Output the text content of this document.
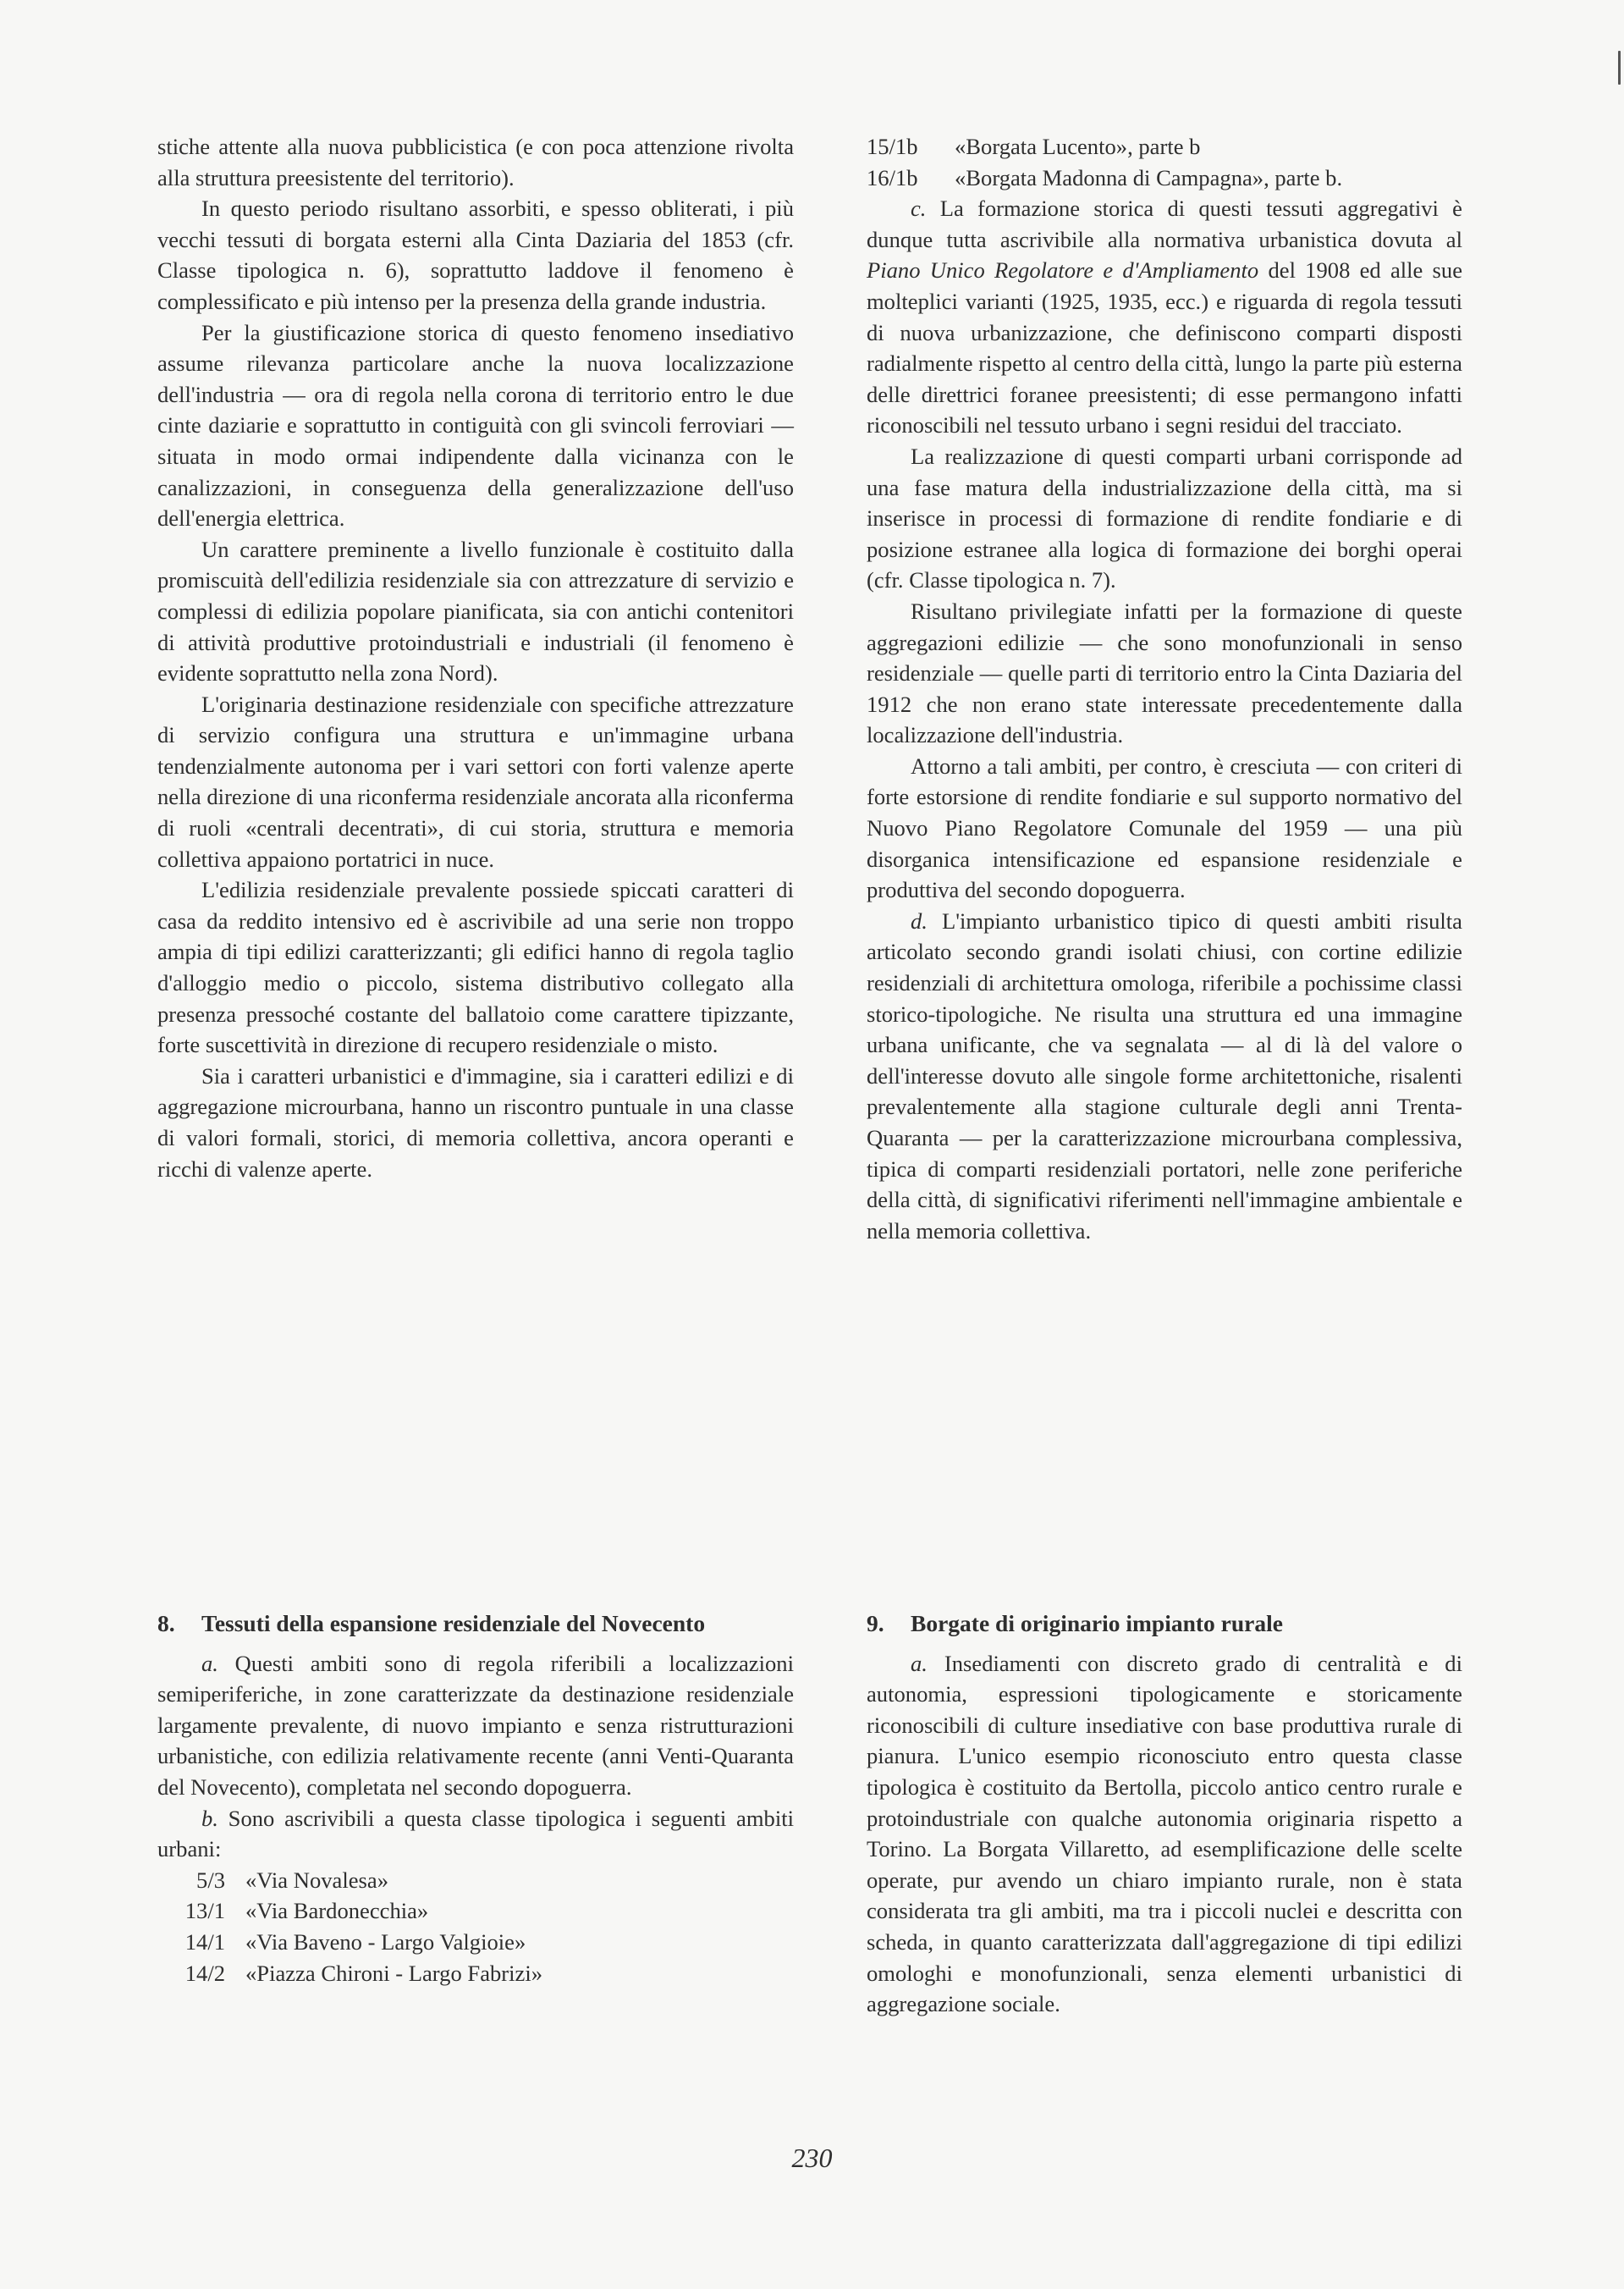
stiche attente alla nuova pubblicistica (e con poca attenzione rivolta alla struttura preesistente del territorio).

In questo periodo risultano assorbiti, e spesso obliterati, i più vecchi tessuti di borgata esterni alla Cinta Daziaria del 1853 (cfr. Classe tipologica n. 6), soprattutto laddove il fenomeno è complessificato e più intenso per la presenza della grande industria.

Per la giustificazione storica di questo fenomeno insediativo assume rilevanza particolare anche la nuova localizzazione dell'industria — ora di regola nella corona di territorio entro le due cinte daziarie e soprattutto in contiguità con gli svincoli ferroviari — situata in modo ormai indipendente dalla vicinanza con le canalizzazioni, in conseguenza della generalizzazione dell'uso dell'energia elettrica.

Un carattere preminente a livello funzionale è costituito dalla promiscuità dell'edilizia residenziale sia con attrezzature di servizio e complessi di edilizia popolare pianificata, sia con antichi contenitori di attività produttive protoindustriali e industriali (il fenomeno è evidente soprattutto nella zona Nord).

L'originaria destinazione residenziale con specifiche attrezzature di servizio configura una struttura e un'immagine urbana tendenzialmente autonoma per i vari settori con forti valenze aperte nella direzione di una riconferma residenziale ancorata alla riconferma di ruoli «centrali decentrati», di cui storia, struttura e memoria collettiva appaiono portatrici in nuce.

L'edilizia residenziale prevalente possiede spiccati caratteri di casa da reddito intensivo ed è ascrivibile ad una serie non troppo ampia di tipi edilizi caratterizzanti; gli edifici hanno di regola taglio d'alloggio medio o piccolo, sistema distributivo collegato alla presenza pressoché costante del ballatoio come carattere tipizzante, forte suscettività in direzione di recupero residenziale o misto.

Sia i caratteri urbanistici e d'immagine, sia i caratteri edilizi e di aggregazione microurbana, hanno un riscontro puntuale in una classe di valori formali, storici, di memoria collettiva, ancora operanti e ricchi di valenze aperte.

15/1b	«Borgata Lucento», parte b
16/1b	«Borgata Madonna di Campagna», parte b.

c. La formazione storica di questi tessuti aggregativi è dunque tutta ascrivibile alla normativa urbanistica dovuta al Piano Unico Regolatore e d'Ampliamento del 1908 ed alle sue molteplici varianti (1925, 1935, ecc.) e riguarda di regola tessuti di nuova urbanizzazione, che definiscono comparti disposti radialmente rispetto al centro della città, lungo la parte più esterna delle direttrici foranee preesistenti; di esse permangono infatti riconoscibili nel tessuto urbano i segni residui del tracciato.

La realizzazione di questi comparti urbani corrisponde ad una fase matura della industrializzazione della città, ma si inserisce in processi di formazione di rendite fondiarie e di posizione estranee alla logica di formazione dei borghi operai (cfr. Classe tipologica n. 7).

Risultano privilegiate infatti per la formazione di queste aggregazioni edilizie — che sono monofunzionali in senso residenziale — quelle parti di territorio entro la Cinta Daziaria del 1912 che non erano state interessate precedentemente dalla localizzazione dell'industria.

Attorno a tali ambiti, per contro, è cresciuta — con criteri di forte estorsione di rendite fondiarie e sul supporto normativo del Nuovo Piano Regolatore Comunale del 1959 — una più disorganica intensificazione ed espansione residenziale e produttiva del secondo dopoguerra.

d. L'impianto urbanistico tipico di questi ambiti risulta articolato secondo grandi isolati chiusi, con cortine edilizie residenziali di architettura omologa, riferibile a pochissime classi storico-tipologiche. Ne risulta una struttura ed una immagine urbana unificante, che va segnalata — al di là del valore o dell'interesse dovuto alle singole forme architettoniche, risalenti prevalentemente alla stagione culturale degli anni Trenta-Quaranta — per la caratterizzazione microurbana complessiva, tipica di comparti residenziali portatori, nelle zone periferiche della città, di significativi riferimenti nell'immagine ambientale e nella memoria collettiva.

8.	Tessuti della espansione residenziale del Novecento

a. Questi ambiti sono di regola riferibili a localizzazioni semiperiferiche, in zone caratterizzate da destinazione residenziale largamente prevalente, di nuovo impianto e senza ristrutturazioni urbanistiche, con edilizia relativamente recente (anni Venti-Quaranta del Novecento), completata nel secondo dopoguerra.

b. Sono ascrivibili a questa classe tipologica i seguenti ambiti urbani:

5/3 «Via Novalesa»
13/1 «Via Bardonecchia»
14/1 «Via Baveno - Largo Valgioie»
14/2 «Piazza Chironi - Largo Fabrizi»
9.	Borgate di originario impianto rurale

a. Insediamenti con discreto grado di centralità e di autonomia, espressioni tipologicamente e storicamente riconoscibili di culture insediative con base produttiva rurale di pianura. L'unico esempio riconosciuto entro questa classe tipologica è costituito da Bertolla, piccolo antico centro rurale e protoindustriale con qualche autonomia originaria rispetto a Torino. La Borgata Villaretto, ad esemplificazione delle scelte operate, pur avendo un chiaro impianto rurale, non è stata considerata tra gli ambiti, ma tra i piccoli nuclei e descritta con scheda, in quanto caratterizzata dall'aggregazione di tipi edilizi omologhi e monofunzionali, senza elementi urbanistici di aggregazione sociale.

230
